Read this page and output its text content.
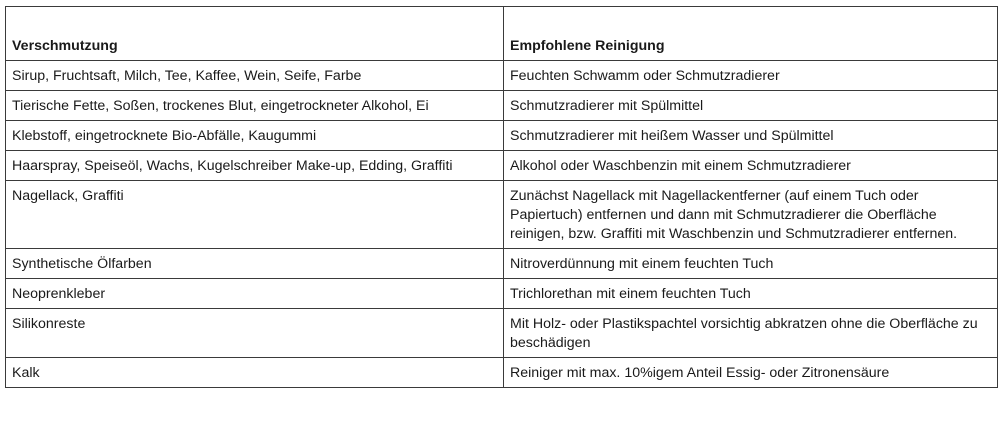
Verschmutzung	Empfohlene Reinigung
Sirup, Fruchtsaft, Milch, Tee, Kaffee, Wein, Seife, Farbe	Feuchten Schwamm oder Schmutzradierer
Tierische Fette, Soßen, trockenes Blut, eingetrockneter Alkohol, Ei	Schmutzradierer mit Spülmittel
Klebstoff, eingetrocknete Bio-Abfälle, Kaugummi	Schmutzradierer mit heißem Wasser und Spülmittel
Haarspray, Speiseöl, Wachs, Kugelschreiber Make-up, Edding, Graffiti	Alkohol oder Waschbenzin mit einem Schmutzradierer
Nagellack, Graffiti	Zunächst Nagellack mit Nagellackentferner (auf einem Tuch oder Papiertuch) entfernen und dann mit Schmutzradierer die Oberfläche reinigen, bzw. Graffiti mit Waschbenzin und Schmutzradierer entfernen.
Synthetische Ölfarben	Nitroverdünnung mit einem feuchten Tuch
Neoprenkleber	Trichlorethan mit einem feuchten Tuch
Silikonreste	Mit Holz- oder Plastikspachtel vorsichtig abkratzen ohne die Oberfläche zu beschädigen
Kalk	Reiniger mit max. 10%igem Anteil Essig- oder Zitronensäure
